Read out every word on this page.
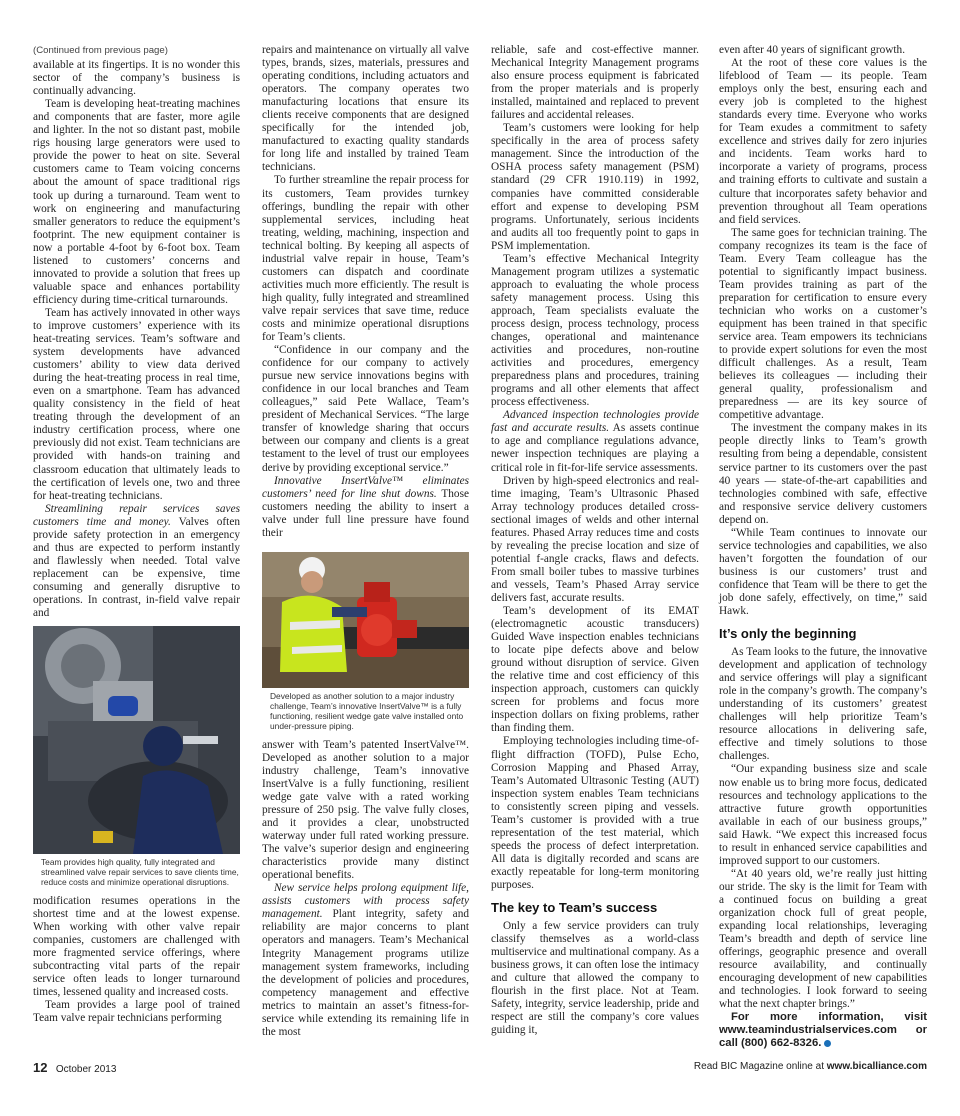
(Continued from previous page)

available at its fingertips. It is no wonder this sector of the company’s business is continually advancing.

Team is developing heat-treating machines and components that are faster, more agile and lighter. In the not so distant past, mobile rigs housing large generators were used to provide the power to heat on site. Several customers came to Team voicing concerns about the amount of space traditional rigs took up during a turnaround. Team went to work on engineering and manufacturing smaller generators to reduce the equipment’s footprint. The new equipment container is now a portable 4-foot by 6-foot box. Team listened to customers’ concerns and innovated to provide a solution that frees up valuable space and enhances portability efficiency during time-critical turnarounds.

Team has actively innovated in other ways to improve customers’ experience with its heat-treating services. Team’s software and system developments have advanced customers’ ability to view data derived during the heat-treating process in real time, even on a smartphone. Team has advanced quality consistency in the field of heat treating through the development of an industry certification process, where one previously did not exist. Team technicians are provided with hands-on training and classroom education that ultimately leads to the certification of levels one, two and three for heat-treating technicians.

Streamlining repair services saves customers time and money. Valves often provide safety protection in an emergency and thus are expected to perform instantly and flawlessly when needed. Total valve replacement can be expensive, time consuming and generally disruptive to operations. In contrast, in-field valve repair and

Team provides high quality, fully integrated and streamlined valve repair services to save clients time, reduce costs and minimize operational disruptions.

modification resumes operations in the shortest time and at the lowest expense. When working with other valve repair companies, customers are challenged with more fragmented service offerings, where subcontracting vital parts of the repair service often leads to longer turnaround times, lessened quality and increased costs.

Team provides a large pool of trained Team valve repair technicians performing

repairs and maintenance on virtually all valve types, brands, sizes, materials, pressures and operating conditions, including actuators and operators. The company operates two manufacturing locations that ensure its clients receive components that are designed specifically for the intended job, manufactured to exacting quality standards for long life and installed by trained Team technicians.

To further streamline the repair process for its customers, Team provides turnkey offerings, bundling the repair with other supplemental services, including heat treating, welding, machining, inspection and technical bolting. By keeping all aspects of industrial valve repair in house, Team’s customers can dispatch and coordinate activities much more efficiently. The result is high quality, fully integrated and streamlined valve repair services that save time, reduce costs and minimize operational disruptions for Team’s clients.

“Confidence in our company and the confidence for our company to actively pursue new service innovations begins with confidence in our local branches and Team colleagues,” said Pete Wallace, Team’s president of Mechanical Services. “The large transfer of knowledge sharing that occurs between our company and clients is a great testament to the level of trust our employees derive by providing exceptional service.”

Innovative InsertValve™ eliminates customers’ need for line shut downs. Those customers needing the ability to insert a valve under full line pressure have found their

Developed as another solution to a major industry challenge, Team’s innovative InsertValve™ is a fully functioning, resilient wedge gate valve installed onto under-pressure piping.

answer with Team’s patented InsertValve™. Developed as another solution to a major industry challenge, Team’s innovative InsertValve is a fully functioning, resilient wedge gate valve with a rated working pressure of 250 psig. The valve fully closes, and it provides a clear, unobstructed waterway under full rated working pressure. The valve’s superior design and engineering characteristics provide many distinct operational benefits.

New service helps prolong equipment life, assists customers with process safety management. Plant integrity, safety and reliability are major concerns to plant operators and managers. Team’s Mechanical Integrity Management programs utilize management system frameworks, including the development of policies and procedures, competency management and effective metrics to maintain an asset’s fitness-for-service while extending its remaining life in the most

reliable, safe and cost-effective manner. Mechanical Integrity Management programs also ensure process equipment is fabricated from the proper materials and is properly installed, maintained and replaced to prevent failures and accidental releases.

Team’s customers were looking for help specifically in the area of process safety management. Since the introduction of the OSHA process safety management (PSM) standard (29 CFR 1910.119) in 1992, companies have committed considerable effort and expense to developing PSM programs. Unfortunately, serious incidents and audits all too frequently point to gaps in PSM implementation.

Team’s effective Mechanical Integrity Management program utilizes a systematic approach to evaluating the whole process safety management process. Using this approach, Team specialists evaluate the process design, process technology, process changes, operational and maintenance activities and procedures, non-routine activities and procedures, emergency preparedness plans and procedures, training programs and all other elements that affect process effectiveness.

Advanced inspection technologies provide fast and accurate results. As assets continue to age and compliance regulations advance, newer inspection techniques are playing a critical role in fit-for-life service assessments.

Driven by high-speed electronics and real-time imaging, Team’s Ultrasonic Phased Array technology produces detailed cross-sectional images of welds and other internal features. Phased Array reduces time and costs by revealing the precise location and size of potential f-angle cracks, flaws and defects. From small boiler tubes to massive turbines and vessels, Team’s Phased Array service delivers fast, accurate results.

Team’s development of its EMAT (electromagnetic acoustic transducers) Guided Wave inspection enables technicians to locate pipe defects above and below ground without disruption of service. Given the relative time and cost efficiency of this inspection approach, customers can quickly screen for problems and focus more inspection dollars on fixing problems, rather than finding them.

Employing technologies including time-of-flight diffraction (TOFD), Pulse Echo, Corrosion Mapping and Phased Array, Team’s Automated Ultrasonic Testing (AUT) inspection system enables Team technicians to consistently screen piping and vessels. Team’s customer is provided with a true representation of the test material, which speeds the process of defect interpretation. All data is digitally recorded and scans are exactly repeatable for long-term monitoring purposes.

The key to Team’s success

Only a few service providers can truly classify themselves as a world-class multiservice and multinational company. As a business grows, it can often lose the intimacy and culture that allowed the company to flourish in the first place. Not at Team. Safety, integrity, service leadership, pride and respect are still the company’s core values guiding it,

even after 40 years of significant growth.

At the root of these core values is the lifeblood of Team — its people. Team employs only the best, ensuring each and every job is completed to the highest standards every time. Everyone who works for Team exudes a commitment to safety excellence and strives daily for zero injuries and incidents. Team works hard to incorporate a variety of programs, process and training efforts to cultivate and sustain a culture that incorporates safety behavior and prevention throughout all Team operations and field services.

The same goes for technician training. The company recognizes its team is the face of Team. Every Team colleague has the potential to significantly impact business. Team provides training as part of the preparation for certification to ensure every technician who works on a customer’s equipment has been trained in that specific service area. Team empowers its technicians to provide expert solutions for even the most difficult challenges. As a result, Team believes its colleagues — including their general quality, professionalism and preparedness — are its key source of competitive advantage.

The investment the company makes in its people directly links to Team’s growth resulting from being a dependable, consistent service partner to its customers over the past 40 years — state-of-the-art capabilities and technologies combined with safe, effective and responsive service delivery customers depend on.

“While Team continues to innovate our service technologies and capabilities, we also haven’t forgotten the foundation of our business is our customers’ trust and confidence that Team will be there to get the job done safely, effectively, on time,” said Hawk.

It’s only the beginning

As Team looks to the future, the innovative development and application of technology and service offerings will play a significant role in the company’s growth. The company’s understanding of its customers’ greatest challenges will help prioritize Team’s resource allocations in delivering safe, effective and timely solutions to those challenges.

“Our expanding business size and scale now enable us to bring more focus, dedicated resources and technology applications to the attractive future growth opportunities available in each of our business groups,” said Hawk. “We expect this increased focus to result in enhanced service capabilities and improved support to our customers.

“At 40 years old, we’re really just hitting our stride. The sky is the limit for Team with a continued focus on building a great organization chock full of great people, expanding local relationships, leveraging Team’s breadth and depth of service line offerings, geographic presence and overall resource availability, and continually encouraging development of new capabilities and technologies. I look forward to seeing what the next chapter brings.”

For more information, visit www.teamindustrialservices.com or call (800) 662-8326.

12 October 2013	Read BIC Magazine online at www.bicalliance.com
